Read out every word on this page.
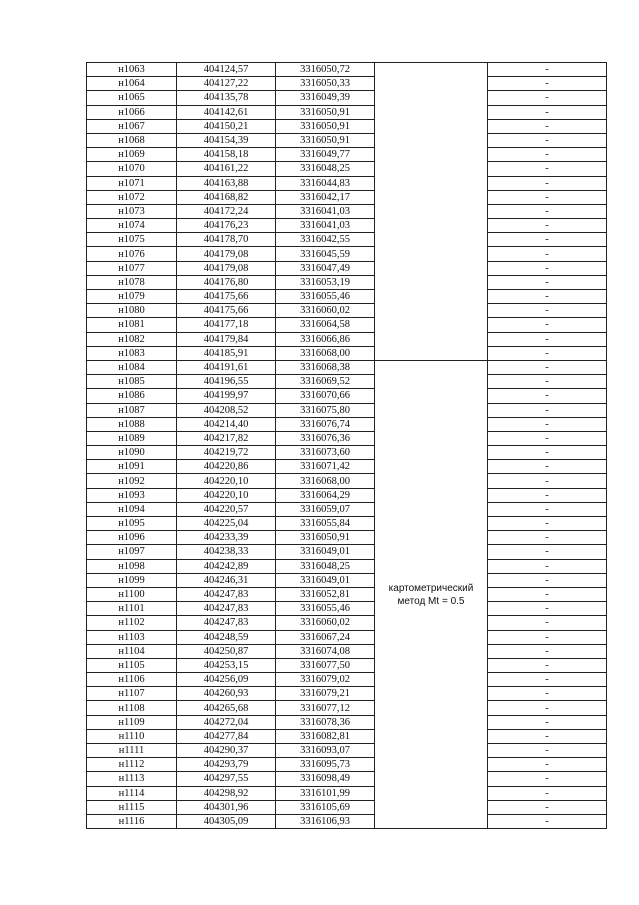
н1063	404124,57	3316050,72		-
н1064	404127,22	3316050,33		-
н1065	404135,78	3316049,39		-
н1066	404142,61	3316050,91		-
н1067	404150,21	3316050,91		-
н1068	404154,39	3316050,91		-
н1069	404158,18	3316049,77		-
н1070	404161,22	3316048,25		-
н1071	404163,88	3316044,83		-
н1072	404168,82	3316042,17		-
н1073	404172,24	3316041,03		-
н1074	404176,23	3316041,03		-
н1075	404178,70	3316042,55		-
н1076	404179,08	3316045,59		-
н1077	404179,08	3316047,49		-
н1078	404176,80	3316053,19		-
н1079	404175,66	3316055,46		-
н1080	404175,66	3316060,02		-
н1081	404177,18	3316064,58		-
н1082	404179,84	3316066,86		-
н1083	404185,91	3316068,00		-
н1084	404191,61	3316068,38	картометрический метод Mt = 0.5	-
н1085	404196,55	3316069,52		-
н1086	404199,97	3316070,66		-
н1087	404208,52	3316075,80		-
н1088	404214,40	3316076,74		-
н1089	404217,82	3316076,36		-
н1090	404219,72	3316073,60		-
н1091	404220,86	3316071,42		-
н1092	404220,10	3316068,00		-
н1093	404220,10	3316064,29		-
н1094	404220,57	3316059,07		-
н1095	404225,04	3316055,84		-
н1096	404233,39	3316050,91		-
н1097	404238,33	3316049,01		-
н1098	404242,89	3316048,25		-
н1099	404246,31	3316049,01		-
н1100	404247,83	3316052,81		-
н1101	404247,83	3316055,46		-
н1102	404247,83	3316060,02		-
н1103	404248,59	3316067,24		-
н1104	404250,87	3316074,08		-
н1105	404253,15	3316077,50		-
н1106	404256,09	3316079,02		-
н1107	404260,93	3316079,21		-
н1108	404265,68	3316077,12		-
н1109	404272,04	3316078,36		-
н1110	404277,84	3316082,81		-
н1111	404290,37	3316093,07		-
н1112	404293,79	3316095,73		-
н1113	404297,55	3316098,49		-
н1114	404298,92	3316101,99		-
н1115	404301,96	3316105,69		-
н1116	404305,09	3316106,93		-
